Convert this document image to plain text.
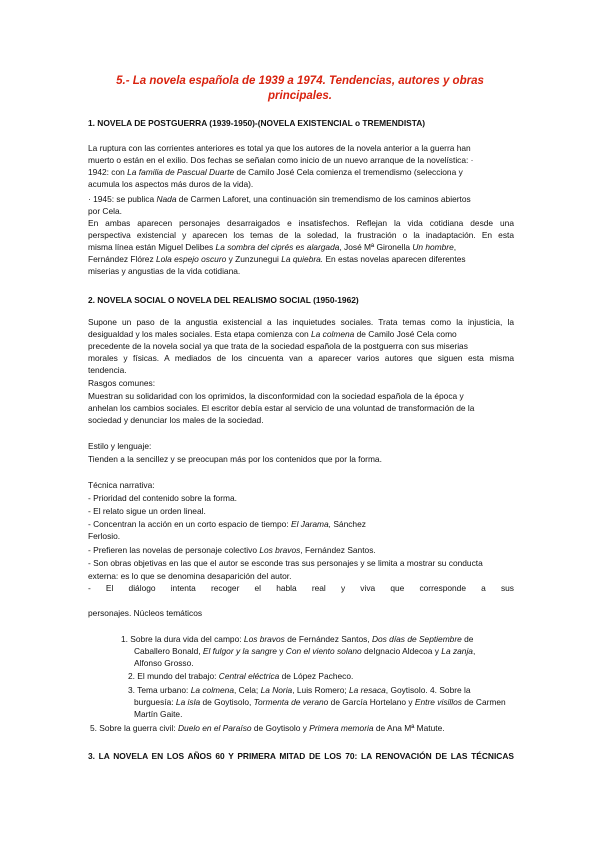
5.- La novela española de 1939 a 1974. Tendencias, autores y obras
principales.
1. NOVELA DE POSTGUERRA (1939-1950)-(NOVELA EXISTENCIAL o TREMENDISTA)
La ruptura con las corrientes anteriores es total ya que los autores de la novela anterior a la guerra han
muerto o están en el exilio. Dos fechas se señalan como inicio de un nuevo arranque de la novelística: ·
1942: con La familia de Pascual Duarte de Camilo José Cela comienza el tremendismo (selecciona y
acumula los aspectos más duros de la vida).
· 1945: se publica Nada de Carmen Laforet, una continuación sin tremendismo de los caminos abiertos
por Cela.
En ambas aparecen personajes desarraigados e insatisfechos. Reflejan la vida cotidiana desde una
perspectiva existencial y aparecen los temas de la soledad, la frustración o la inadaptación. En esta
misma línea están Miguel Delibes La sombra del ciprés es alargada, José Mª Gironella Un hombre,
Fernández Flórez Lola espejo oscuro y Zunzunegui La quiebra. En estas novelas aparecen diferentes
miserias y angustias de la vida cotidiana.
2. NOVELA SOCIAL O NOVELA DEL REALISMO SOCIAL (1950-1962)
Supone un paso de la angustia existencial a las inquietudes sociales. Trata temas como la injusticia, la
desigualdad y los males sociales. Esta etapa comienza con La colmena de Camilo José Cela como
precedente de la novela social ya que trata de la sociedad española de la postguerra con sus miserias
morales y físicas. A mediados de los cincuenta van a aparecer varios autores que siguen esta misma
tendencia.
Rasgos comunes:
Muestran su solidaridad con los oprimidos, la disconformidad con la sociedad española de la época y
anhelan los cambios sociales. El escritor debía estar al servicio de una voluntad de transformación de la
sociedad y denunciar los males de la sociedad.
Estilo y lenguaje:
Tienden a la sencillez y se preocupan más por los contenidos que por la forma.
Técnica narrativa:
- Prioridad del contenido sobre la forma.
- El relato sigue un orden lineal.
- Concentran la acción en un corto espacio de tiempo: El Jarama, Sánchez
Ferlosio.
- Prefieren las novelas de personaje colectivo Los bravos, Fernández Santos.
- Son obras objetivas en las que el autor se esconde tras sus personajes y se limita a mostrar su conducta
externa: es lo que se denomina desaparición del autor.
- El diálogo intenta recoger el habla real y viva que corresponde a sus
personajes. Núcleos temáticos
1. Sobre la dura vida del campo: Los bravos de Fernández Santos, Dos días de Septiembre de
Caballero Bonald, El fulgor y la sangre y Con el viento solano deIgnacio Aldecoa y La zanja,
Alfonso Grosso.
2. El mundo del trabajo: Central eléctrica de López Pacheco.
3. Tema urbano: La colmena, Cela; La Noria, Luis Romero; La resaca, Goytisolo. 4. Sobre la
burguesía: La isla de Goytisolo, Tormenta de verano de García Hortelano y Entre visillos de Carmen
Martín Gaite.
5. Sobre la guerra civil: Duelo en el Paraíso de Goytisolo y Primera memoria de Ana Mª Matute.
3. LA NOVELA EN LOS AÑOS 60 Y PRIMERA MITAD DE LOS 70: LA RENOVACIÓN DE LAS TÉCNICAS
